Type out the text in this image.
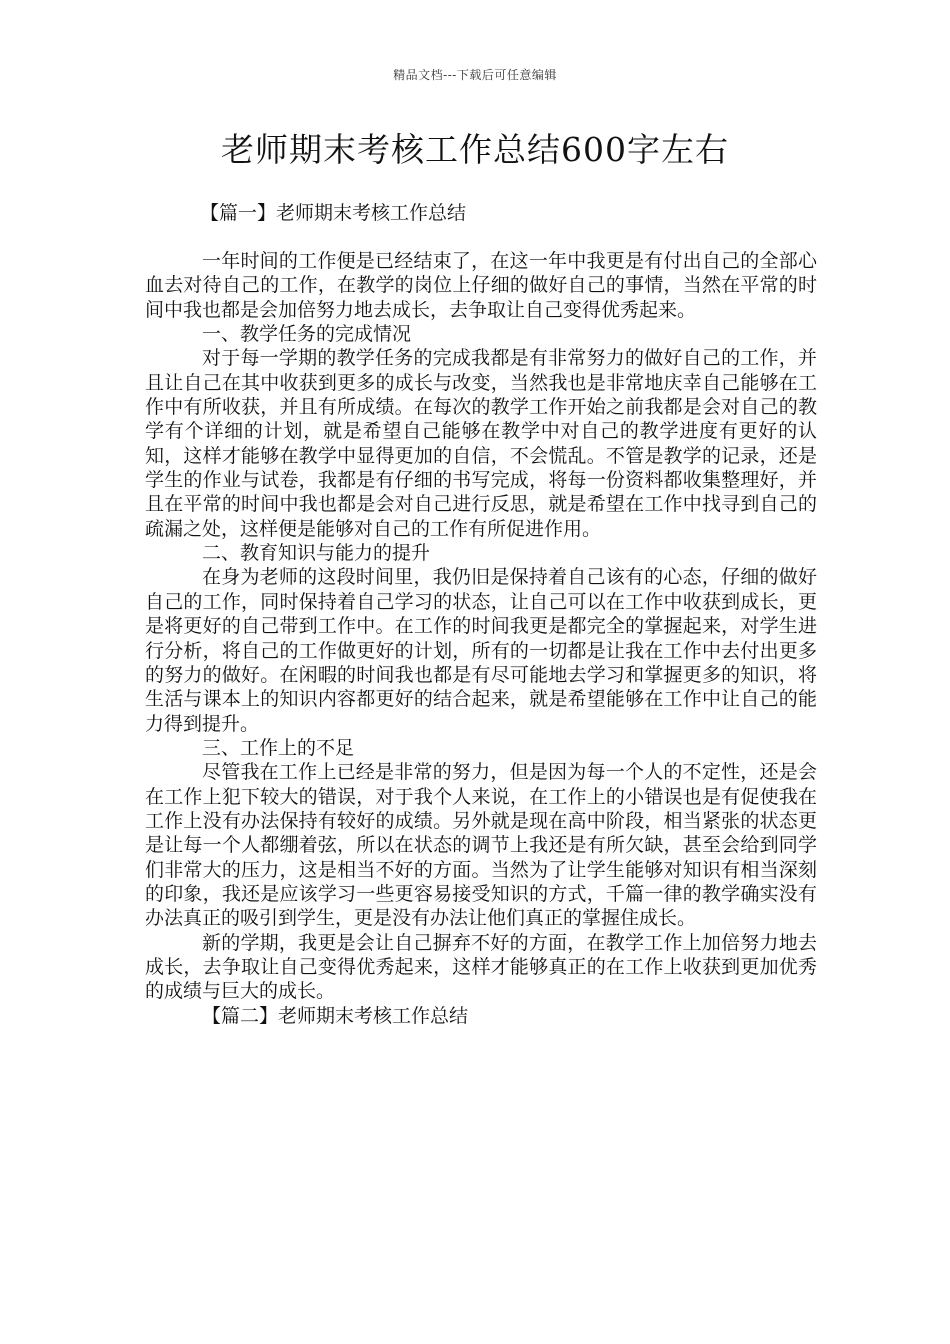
精品文档---下载后可任意编辑
老师期末考核工作总结600字左右
【篇一】老师期末考核工作总结

一年时间的工作便是已经结束了，在这一年中我更是有付出自己的全部心血去对待自己的工作，在教学的岗位上仔细的做好自己的事情，当然在平常的时间中我也都是会加倍努力地去成长，去争取让自己变得优秀起来。

一、教学任务的完成情况

对于每一学期的教学任务的完成我都是有非常努力的做好自己的工作，并且让自己在其中收获到更多的成长与改变，当然我也是非常地庆幸自己能够在工作中有所收获，并且有所成绩。在每次的教学工作开始之前我都是会对自己的教学有个详细的计划，就是希望自己能够在教学中对自己的教学进度有更好的认知，这样才能够在教学中显得更加的自信，不会慌乱。不管是教学的记录，还是学生的作业与试卷，我都是有仔细的书写完成，将每一份资料都收集整理好，并且在平常的时间中我也都是会对自己进行反思，就是希望在工作中找寻到自己的疏漏之处，这样便是能够对自己的工作有所促进作用。

二、教育知识与能力的提升

在身为老师的这段时间里，我仍旧是保持着自己该有的心态，仔细的做好自己的工作，同时保持着自己学习的状态，让自己可以在工作中收获到成长，更是将更好的自己带到工作中。在工作的时间我更是都完全的掌握起来，对学生进行分析，将自己的工作做更好的计划，所有的一切都是让我在工作中去付出更多的努力的做好。在闲暇的时间我也都是有尽可能地去学习和掌握更多的知识，将生活与课本上的知识内容都更好的结合起来，就是希望能够在工作中让自己的能力得到提升。

三、工作上的不足

尽管我在工作上已经是非常的努力，但是因为每一个人的不定性，还是会在工作上犯下较大的错误，对于我个人来说，在工作上的小错误也是有促使我在工作上没有办法保持有较好的成绩。另外就是现在高中阶段，相当紧张的状态更是让每一个人都绷着弦，所以在状态的调节上我还是有所欠缺，甚至会给到同学们非常大的压力，这是相当不好的方面。当然为了让学生能够对知识有相当深刻的印象，我还是应该学习一些更容易接受知识的方式，千篇一律的教学确实没有办法真正的吸引到学生，更是没有办法让他们真正的掌握住成长。

新的学期，我更是会让自己摒弃不好的方面，在教学工作上加倍努力地去成长，去争取让自己变得优秀起来，这样才能够真正的在工作上收获到更加优秀的成绩与巨大的成长。

【篇二】老师期末考核工作总结
